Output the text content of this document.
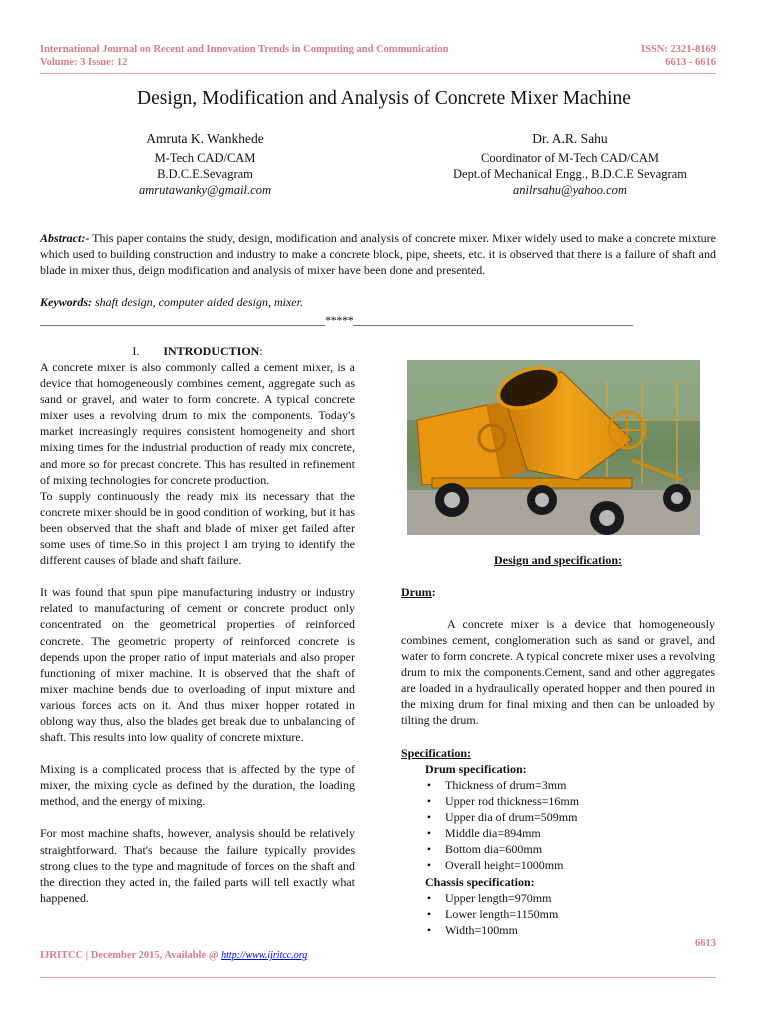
International Journal on Recent and Innovation Trends in Computing and Communication
Volume: 3 Issue: 12
ISSN: 2321-8169
6613 - 6616
Design, Modification and Analysis of Concrete Mixer Machine
Amruta K. Wankhede
M-Tech CAD/CAM
B.D.C.E.Sevagram
amrutawanky@gmail.com
Dr. A.R. Sahu
Coordinator of M-Tech CAD/CAM
Dept.of Mechanical Engg., B.D.C.E Sevagram
anilrsahu@yahoo.com
Abstract:- This paper contains the study, design, modification and analysis of concrete mixer. Mixer widely used to make a concrete mixture which used to building construction and industry to make a concrete block, pipe, sheets, etc. it is observed that there is a failure of shaft and blade in mixer thus, deign modification and analysis of mixer have been done and presented.
Keywords: shaft design, computer aided design, mixer.
__________________________________________________*****_________________________________________________
I. INTRODUCTION:

A concrete mixer is also commonly called a cement mixer, is a device that homogeneously combines cement, aggregate such as sand or gravel, and water to form concrete. A typical concrete mixer uses a revolving drum to mix the components. Today's market increasingly requires consistent homogeneity and short mixing times for the industrial production of ready mix concrete, and more so for precast concrete. This has resulted in refinement of mixing technologies for concrete production.

To supply continuously the ready mix its necessary that the concrete mixer should be in good condition of working, but it has been observed that the shaft and blade of mixer get failed after some uses of time.So in this project I am trying to identify the different causes of blade and shaft failure.

It was found that spun pipe manufacturing industry or industry related to manufacturing of cement or concrete product only concentrated on the geometrical properties of reinforced concrete. The geometric property of reinforced concrete is depends upon the proper ratio of input materials and also proper functioning of mixer machine. It is observed that the shaft of mixer machine bends due to overloading of input mixture and various forces acts on it. And thus mixer hopper rotated in oblong way thus, also the blades get break due to unbalancing of shaft. This results into low quality of concrete mixture.

Mixing is a complicated process that is affected by the type of mixer, the mixing cycle as defined by the duration, the loading method, and the energy of mixing.

For most machine shafts, however, analysis should be relatively straightforward. That's because the failure typically provides strong clues to the type and magnitude of forces on the shaft and the direction they acted in, the failed parts will tell exactly what happened.

Design and specification:
Drum:
A concrete mixer is a device that homogeneously combines cement, conglomeration such as sand or gravel, and water to form concrete. A typical concrete mixer uses a revolving drum to mix the components.Cement, sand and other aggregates are loaded in a hydraulically operated hopper and then poured in the mixing drum for final mixing and then can be unloaded by tilting the drum.
Specification:
Drum specification:
• Thickness of drum=3mm
• Upper rod thickness=16mm
• Upper dia of drum=509mm
• Middle dia=894mm
• Bottom dia=600mm
• Overall height=1000mm
Chassis specification:
• Upper length=970mm
• Lower length=1150mm
• Width=100mm
6613
IJRITCC | December 2015, Available @ http://www.ijritcc.org
